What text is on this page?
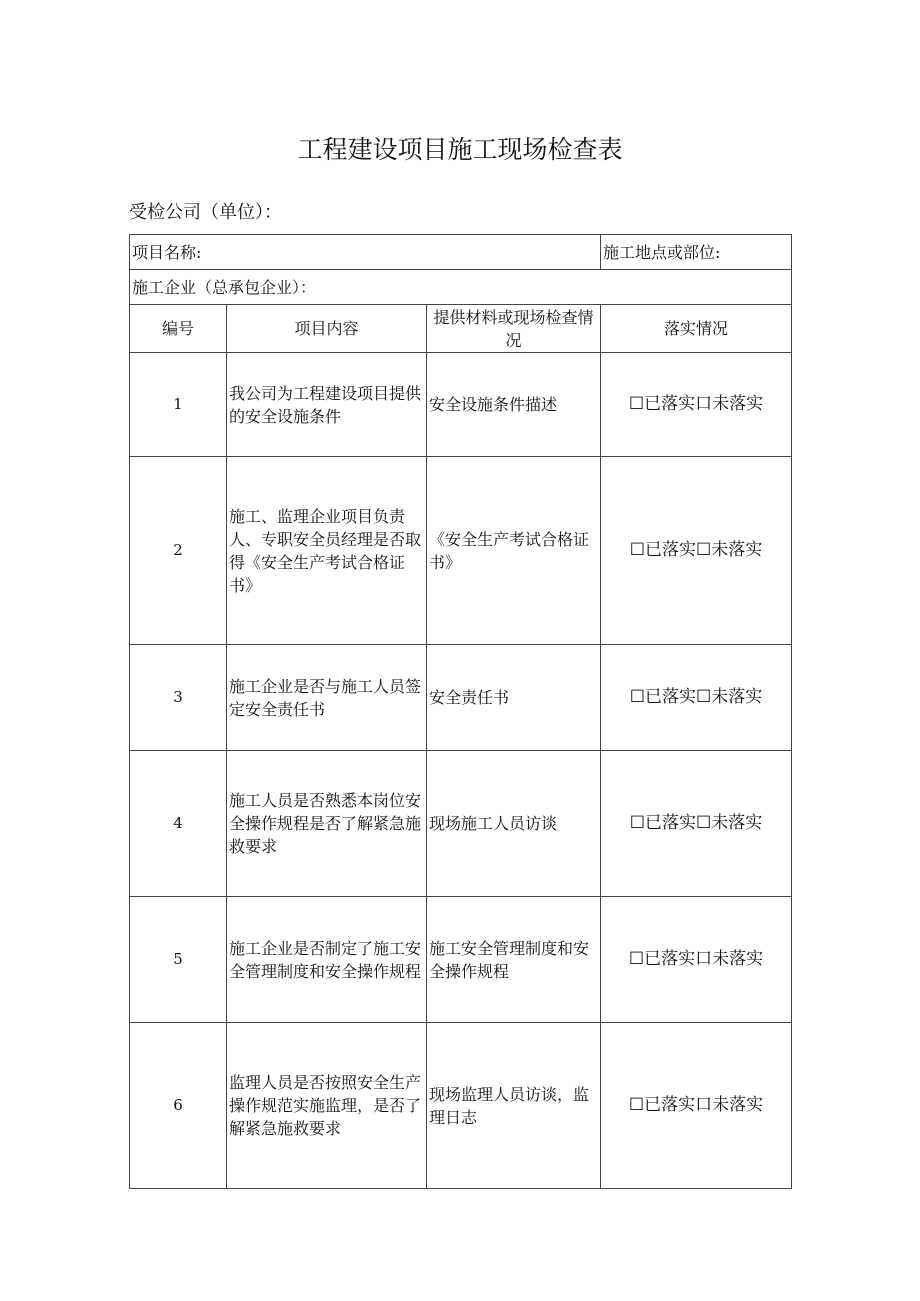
工程建设项目施工现场检查表
受检公司（单位）：
项目名称:			施工地点或部位:
施工企业（总承包企业）：			
编号	项目内容	提供材料或现场检查情况	落实情况
1	我公司为工程建设项目提供的安全设施条件	安全设施条件描述	☐已落实口未落实
2	施工、监理企业项目负责人、专职安全员经理是否取得《安全生产考试合格证书》	《安全生产考试合格证书》	☐已落实☐未落实
3	施工企业是否与施工人员签定安全责任书	安全责任书	☐已落实☐未落实
4	施工人员是否熟悉本岗位安全操作规程是否了解紧急施救要求	现场施工人员访谈	☐已落实☐未落实
5	施工企业是否制定了施工安全管理制度和安全操作规程	施工安全管理制度和安全操作规程	☐已落实口未落实
6	监理人员是否按照安全生产操作规范实施监理，是否了解紧急施救要求	现场监理人员访谈，监理日志	☐已落实口未落实
